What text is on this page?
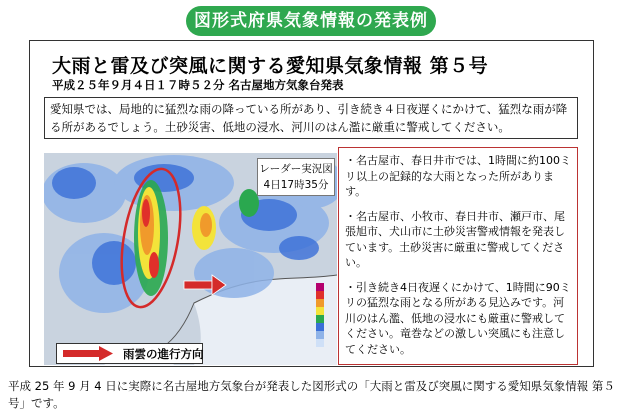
図形式府県気象情報の発表例
大雨と雷及び突風に関する愛知県気象情報 第５号
平成２５年９月４日１７時５２分 名古屋地方気象台発表
愛知県では、局地的に猛烈な雨の降っている所があり、引き続き４日夜遅くにかけて、猛烈な雨が降る所があるでしょう。土砂災害、低地の浸水、河川のはん濫に厳重に警戒してください。
レーダー実況図
4日17時35分
雨雲の進行方向
・名古屋市、春日井市では、1時間に約100ミリ以上の記録的な大雨となった所があります。
・名古屋市、小牧市、春日井市、瀬戸市、尾張旭市、犬山市に土砂災害警戒情報を発表しています。土砂災害に厳重に警戒してください。
・引き続き4日夜遅くにかけて、1時間に90ミリの猛烈な雨となる所がある見込みです。河川のはん濫、低地の浸水にも厳重に警戒してください。竜巻などの激しい突風にも注意してください。
平成 25 年 9 月 4 日に実際に名古屋地方気象台が発表した図形式の「大雨と雷及び突風に関する愛知県気象情報 第５号」です。
